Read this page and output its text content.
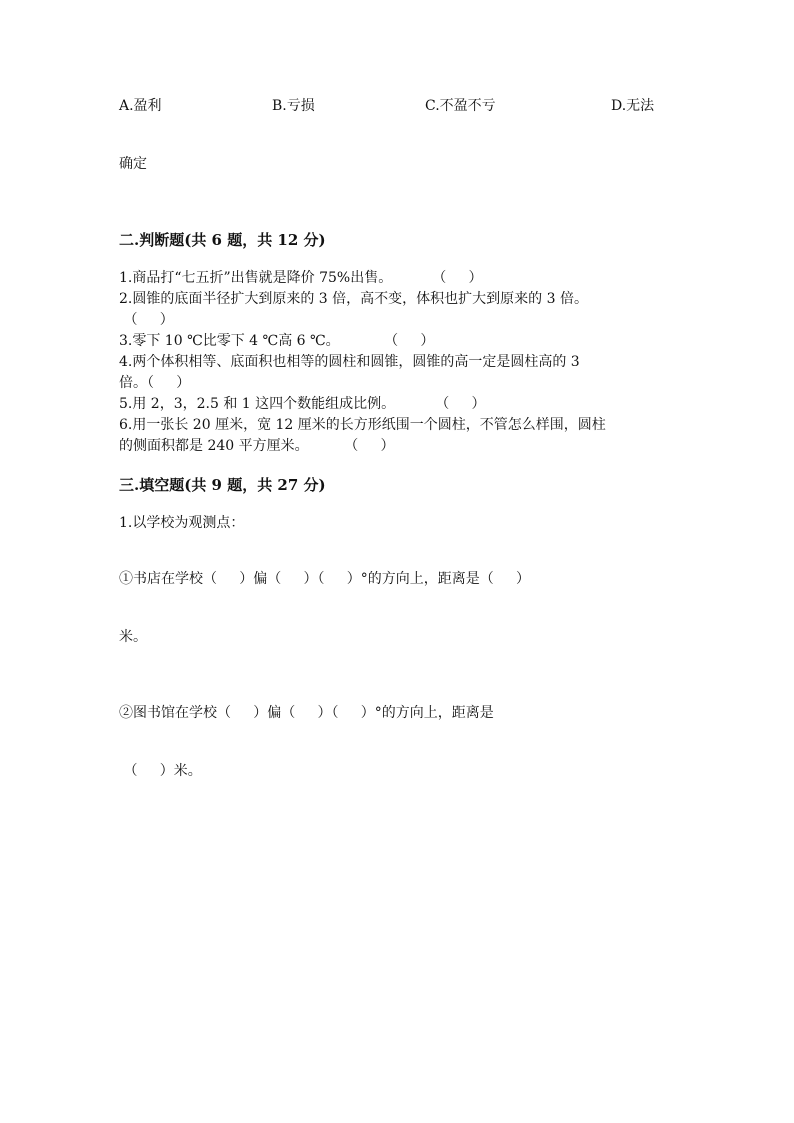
A.盈利	B.亏损	C.不盈不亏	D.无法
确定
二.判断题(共 6 题，共 12 分)
1.商品打“七五折”出售就是降价 75%出售。         （     ）
2.圆锥的底面半径扩大到原来的 3 倍，高不变，体积也扩大到原来的 3 倍。
（     ）
3.零下 10 ℃比零下 4 ℃高 6 ℃。          （     ）
4.两个体积相等、底面积也相等的圆柱和圆锥，圆锥的高一定是圆柱高的 3
倍。（     ）
5.用 2，3，2.5 和 1 这四个数能组成比例。         （     ）
6.用一张长 20 厘米，宽 12 厘米的长方形纸围一个圆柱，不管怎么样围，圆柱
的侧面积都是 240 平方厘米。        （     ）
三.填空题(共 9 题，共 27 分)
1.以学校为观测点：
①书店在学校（     ）偏（     ）（     ）°的方向上，距离是（     ）
米。
②图书馆在学校（     ）偏（     ）（     ）°的方向上，距离是
（     ）米。
